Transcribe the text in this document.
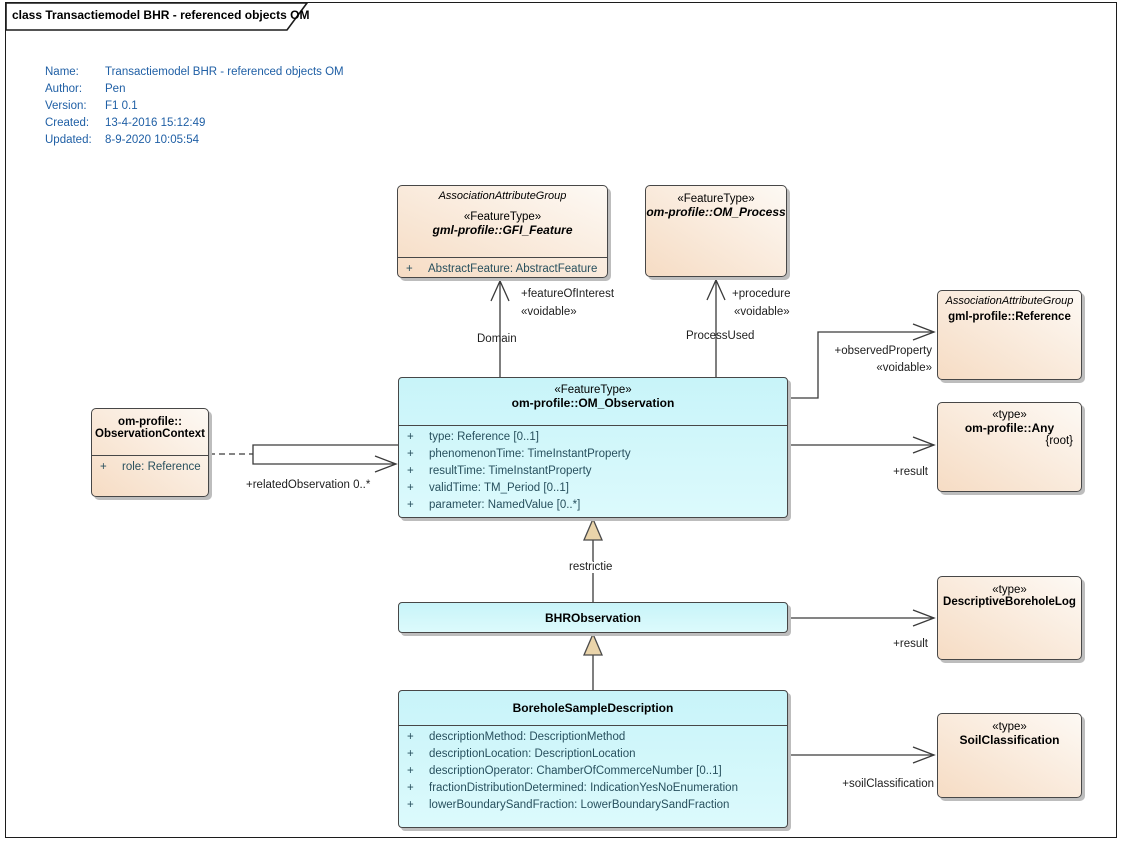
class Transactiemodel BHR - referenced objects OM
Name:	Transactiemodel BHR - referenced objects OM
Author:	Pen
Version:	F1 0.1
Created:	13-4-2016 15:12:49
Updated:	8-9-2020 10:05:54
AssociationAttributeGroup
«FeatureType»
gml-profile::GFI_Feature
+	AbstractFeature: AbstractFeature
«FeatureType»
om-profile::OM_Process
AssociationAttributeGroup
gml-profile::Reference
«type»
om-profile::Any
{root}
«FeatureType»
om-profile::OM_Observation
+	type: Reference [0..1]
+	phenomenonTime: TimeInstantProperty
+	resultTime: TimeInstantProperty
+	validTime: TM_Period [0..1]
+	parameter: NamedValue [0..*]
om-profile::
ObservationContext
+	role: Reference
BHRObservation
«type»
DescriptiveBoreholeLog
BoreholeSampleDescription
+	descriptionMethod: DescriptionMethod
+	descriptionLocation: DescriptionLocation
+	descriptionOperator: ChamberOfCommerceNumber [0..1]
+	fractionDistributionDetermined: IndicationYesNoEnumeration
+	lowerBoundarySandFraction: LowerBoundarySandFraction
«type»
SoilClassification
+featureOfInterest
«voidable»
Domain
+procedure
«voidable»
ProcessUsed
+observedProperty
«voidable»
+result
+relatedObservation 0..*
restrictie
+result
+soilClassification
